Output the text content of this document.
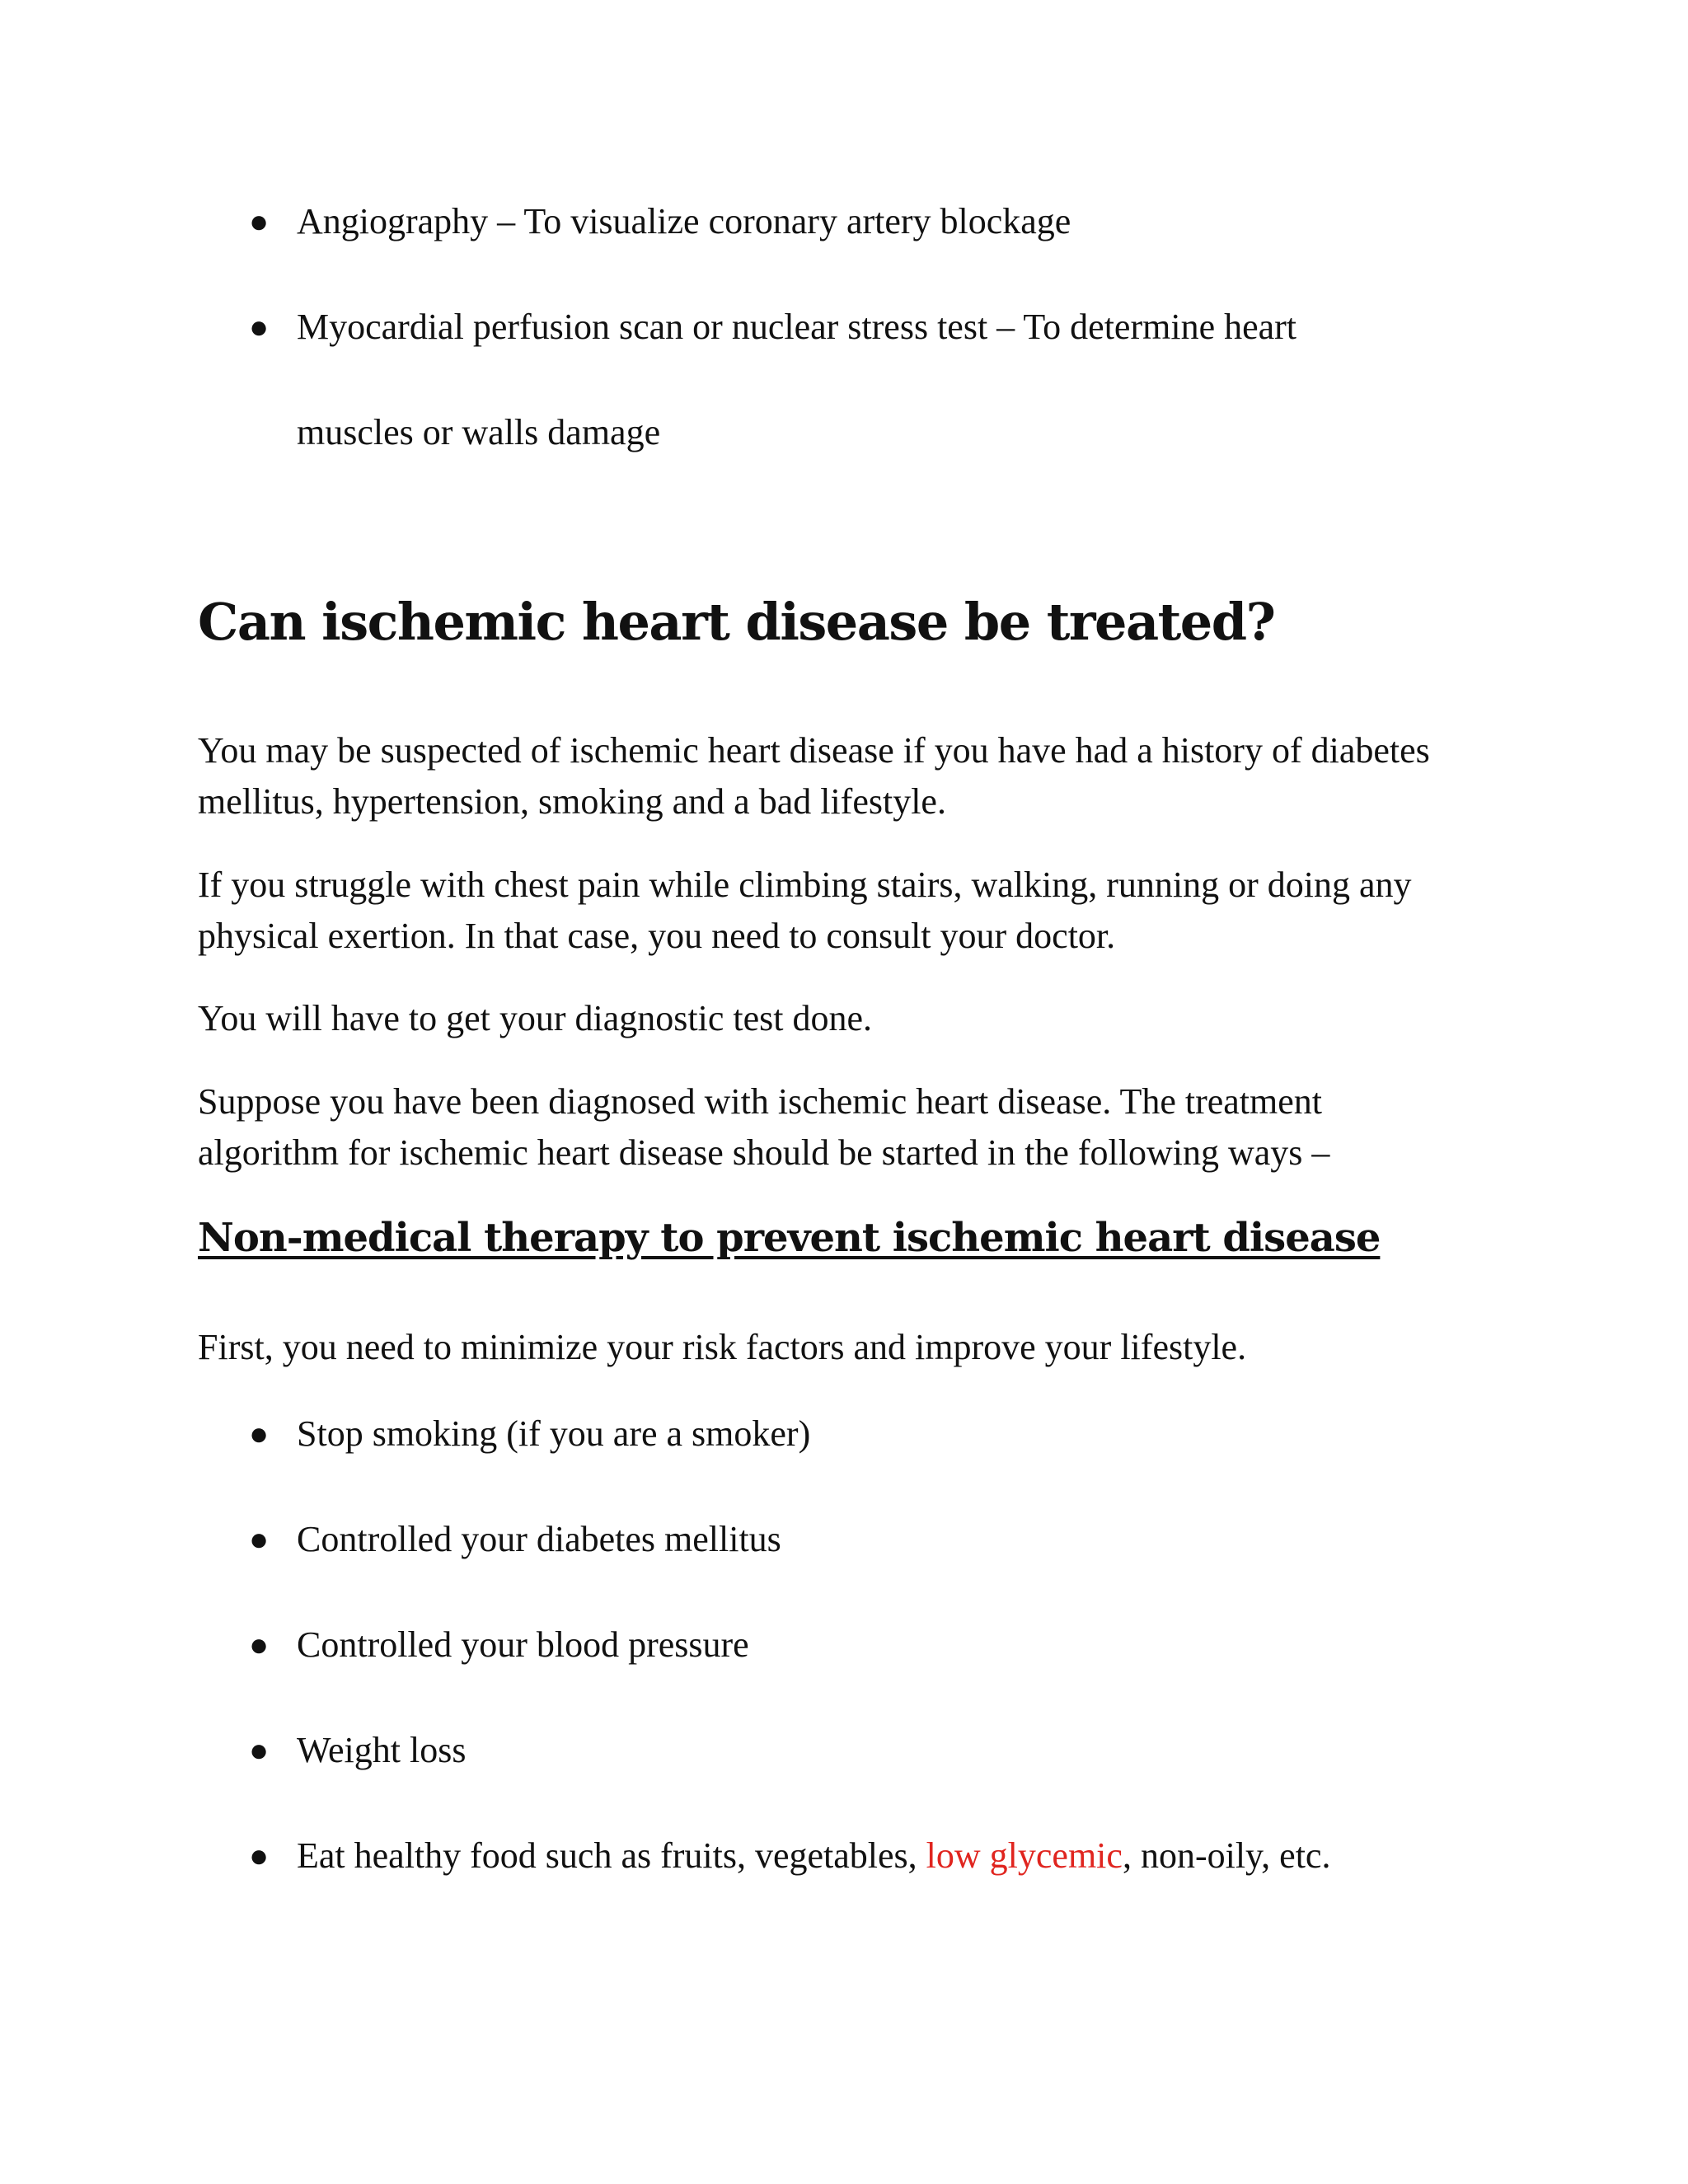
● Angiography – To visualize coronary artery blockage
● Myocardial perfusion scan or nuclear stress test – To determine heart
muscles or walls damage
Can ischemic heart disease be treated?

You may be suspected of ischemic heart disease if you have had a history of diabetes mellitus, hypertension, smoking and a bad lifestyle.

If you struggle with chest pain while climbing stairs, walking, running or doing any physical exertion. In that case, you need to consult your doctor.

You will have to get your diagnostic test done.

Suppose you have been diagnosed with ischemic heart disease. The treatment algorithm for ischemic heart disease should be started in the following ways –

Non-medical therapy to prevent ischemic heart disease

First, you need to minimize your risk factors and improve your lifestyle.

● Stop smoking (if you are a smoker)
● Controlled your diabetes mellitus
● Controlled your blood pressure
● Weight loss
● Eat healthy food such as fruits, vegetables, low glycemic, non-oily, etc.
